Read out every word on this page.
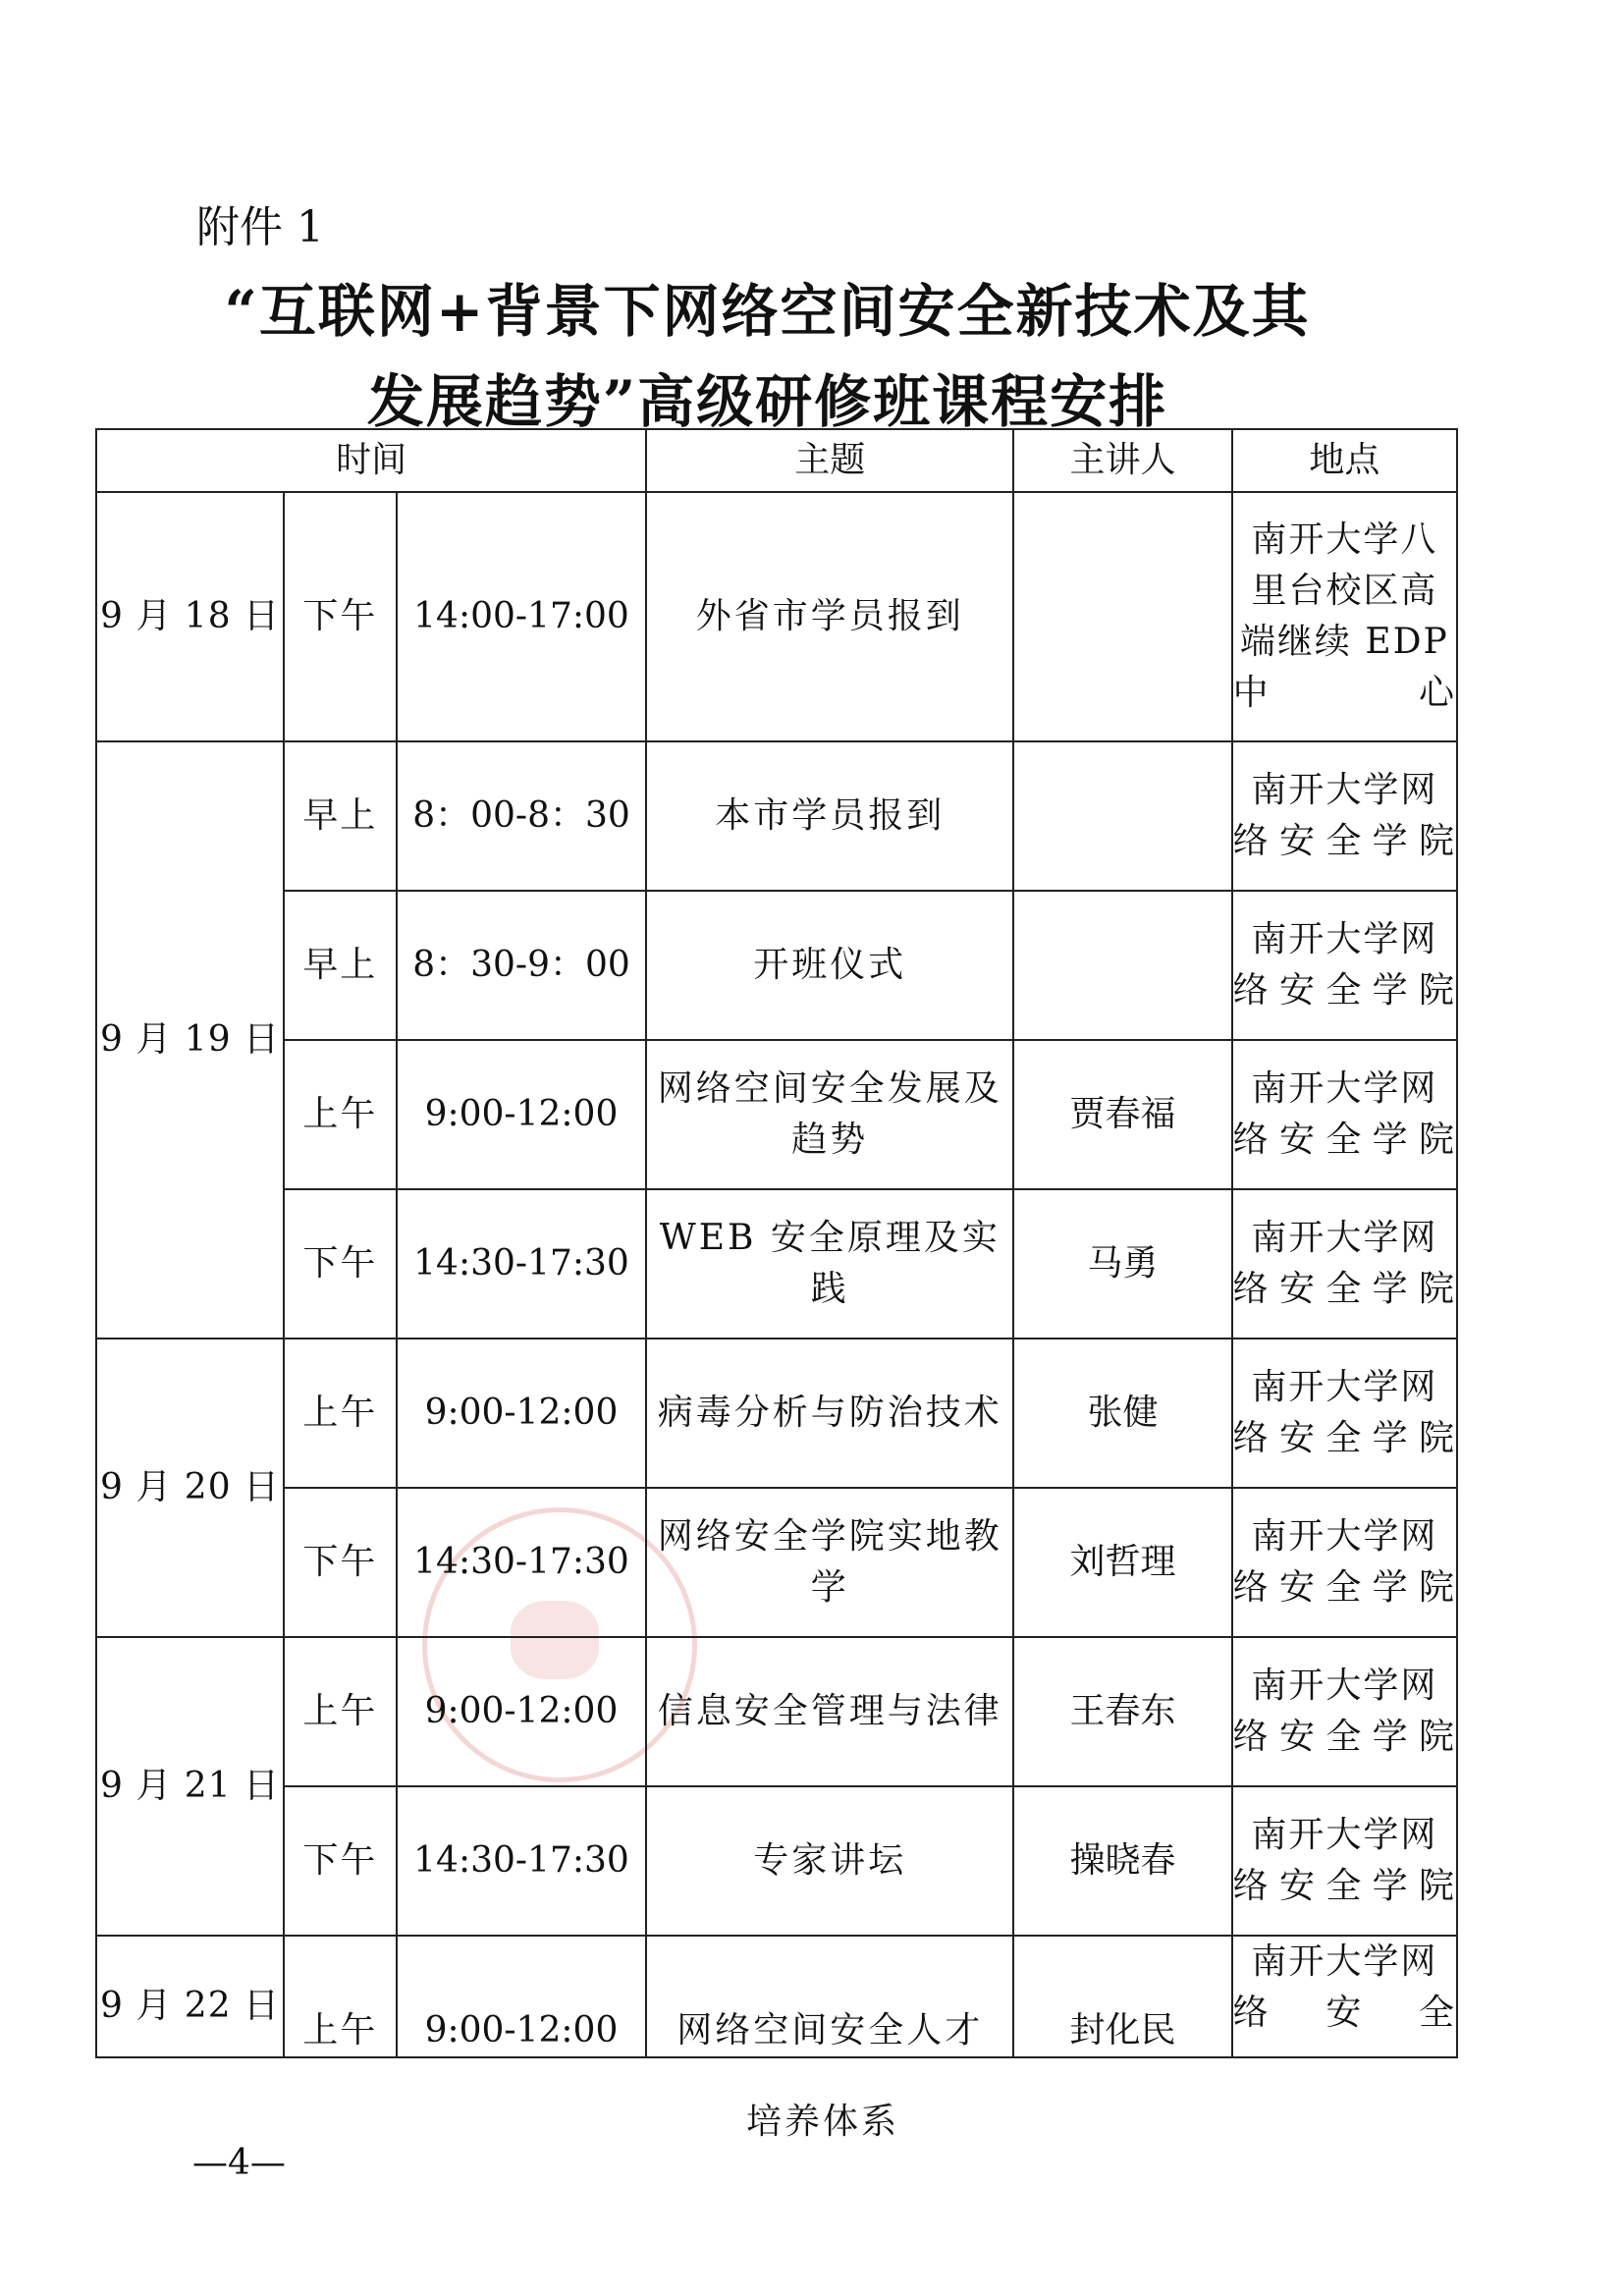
附件 1
“互联网+背景下网络空间安全新技术及其
发展趋势”高级研修班课程安排
时间			主题	主讲人	地点
9 月 18 日	下午	14:00-17:00	外省市学员报到		南开大学八里台校区高端继续 EDP 中心
9 月 19 日	早上	8：00-8：30	本市学员报到		南开大学网络安全学院
	早上	8：30-9：00	开班仪式		南开大学网络安全学院
	上午	9:00-12:00	网络空间安全发展及趋势	贾春福	南开大学网络安全学院
	下午	14:30-17:30	WEB 安全原理及实践	马勇	南开大学网络安全学院
9 月 20 日	上午	9:00-12:00	病毒分析与防治技术	张健	南开大学网络安全学院
	下午	14:30-17:30	网络安全学院实地教学	刘哲理	南开大学网络安全学院
9 月 21 日	上午	9:00-12:00	信息安全管理与法律	王春东	南开大学网络安全学院
	下午	14:30-17:30	专家讲坛	操晓春	南开大学网络安全学院

9 月 22 日	上午	9:00-12:00	网络空间安全人才	封化民	南开大学网络安全
培养体系
—4—
